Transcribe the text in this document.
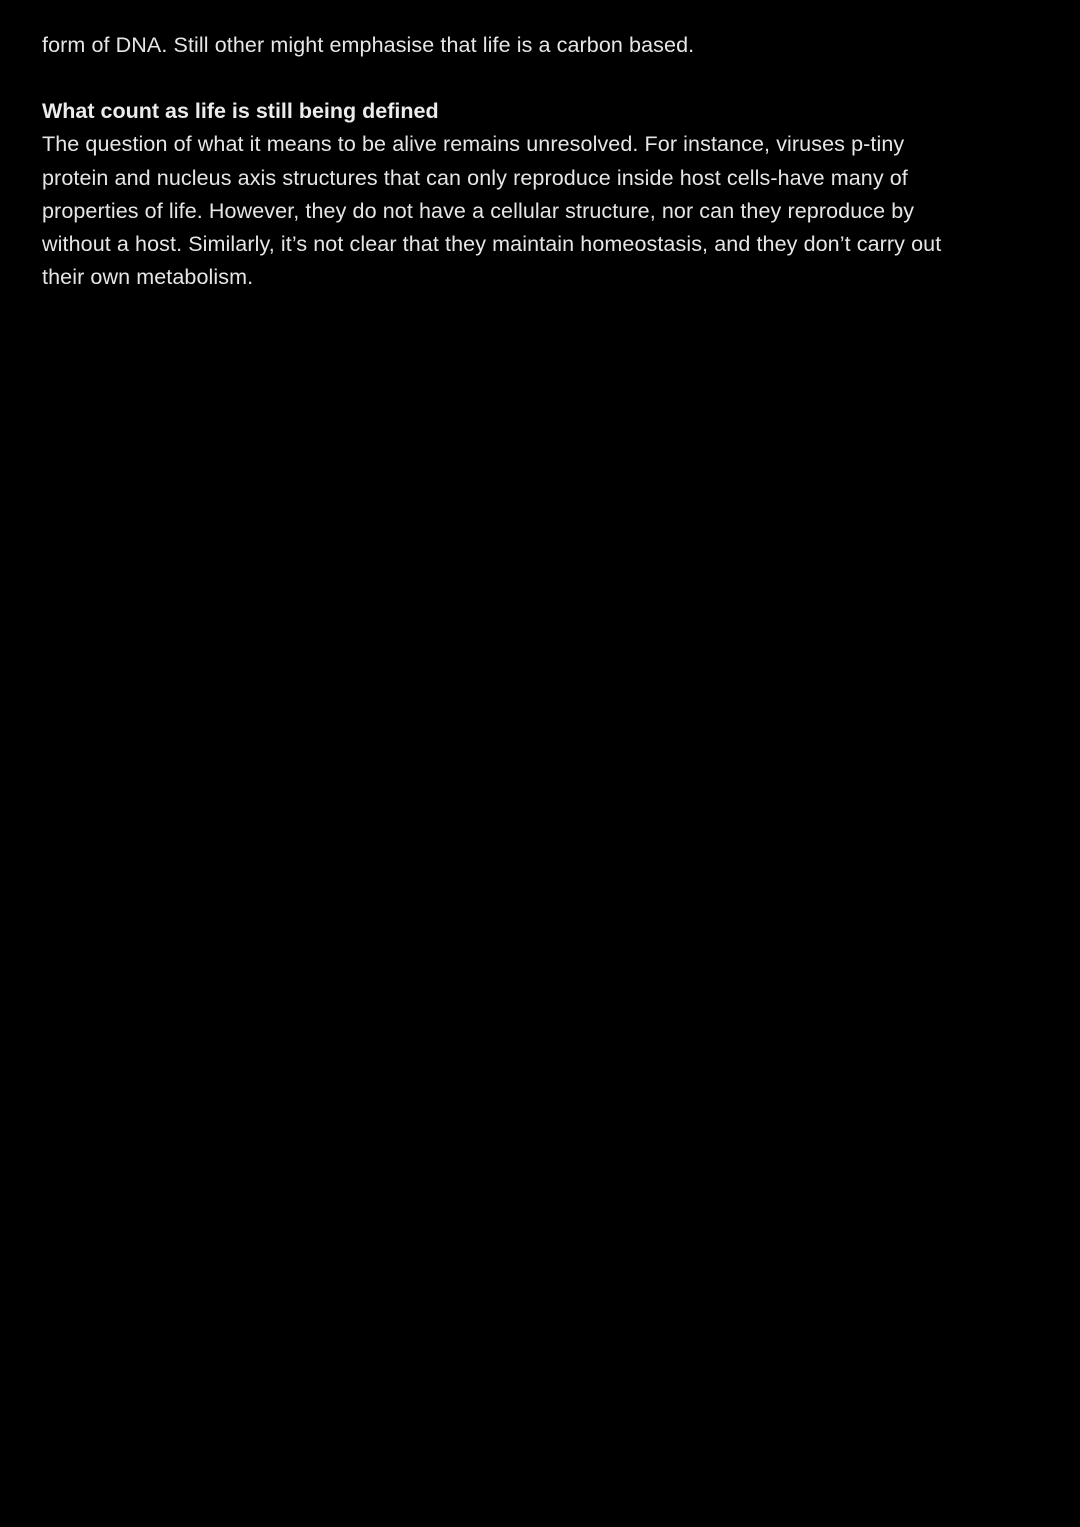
form of DNA. Still other might emphasise that life is a carbon based.

What count as life is still being defined

The question of what it means to be alive remains unresolved. For instance, viruses p-tiny
protein and nucleus axis structures that can only reproduce inside host cells-have many of
properties of life. However, they do not have a cellular structure, nor can they reproduce by
without a host. Similarly, it’s not clear that they maintain homeostasis, and they don’t carry out
their own metabolism.
